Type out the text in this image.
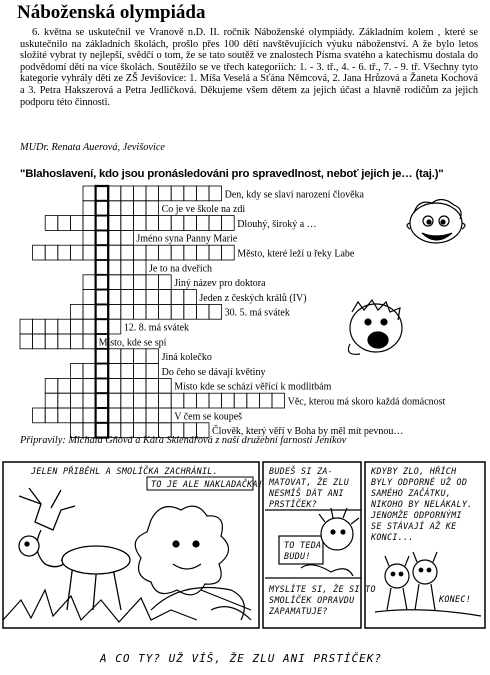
Náboženská olympiáda

6. května se uskutečnil ve Vranově n.D. II. ročník Náboženské olympiády. Základním kolem , které se uskutečnilo na základních školách, prošlo přes 100 dětí navštěvujících výuku náboženství. A že bylo letos složité vybrat ty nejlepší, svědčí o tom, že se tato soutěž ve znalostech Písma svatého a katechismu dostala do podvědomí dětí na více školách. Soutěžilo se ve třech kategoriích: 1. - 3. tř., 4. - 6. tř., 7. - 9. tř. Všechny tyto kategorie vyhrály děti ze ZŠ Jevišovice: 1. Míša Veselá a Sťána Němcová, 2. Jana Hrůzová a Žaneta Kochová a 3. Petra Hakszerová a Petra Jedličková. Děkujeme všem dětem za jejich účast a hlavně rodičům za jejich podporu této činnosti.

MUDr. Renata Auerová, Jevišovice
"Blahoslavení, kdo jsou pronásledováni pro spravedlnost, neboť jejich je… (taj.)"
Den, kdy se slaví narození člověka
Co je ve škole na zdi
Dlouhý, široký a …
Jméno syna Panny Marie
Město, které leží u řeky Labe
Je to na dveřích
Jiný název pro doktora
Jeden z českých králů (IV)
30. 5. má svátek
12. 8. má svátek
Místo, kde se spí
Jiná kolečko
Do čeho se dávají květiny
Místo kde se schází věřící k modlitbám
Věc, kterou má skoro každá domácnost
V čem se koupeš
Člověk, který věří v Boha by měl mít pevnou…
Připravily: Michala Gňová a Káťa Sklenářová z naší družební farnosti Jeníkov
JELEN PŘIBĚHL A SMOLÍČKA ZACHRÁNIL.
TO JE ALE NAKLADAČKA!
BUDEŠ SI ZA-
MATOVAT, ŽE ZLU
NESMÍŠ DÁT ANI
PRSTÍČEK?
TO TEDA
BUDU!
MYSLÍTE SI, ŽE SI TO
SMOLÍČEK OPRAVDU
ZAPAMATUJE?
KDYBY ZLO, HŘÍCH
BYLY ODPORNÉ UŽ OD
SAMÉHO ZAČÁTKU,
NIKOHO BY NELÁKALY.
JENOMŽE ODPORNÝMI
SE STÁVAJÍ AŽ KE
KONCI...
KONEC!
A CO TY? UŽ VÍŠ, ŽE ZLU ANI PRSTÍČEK?
